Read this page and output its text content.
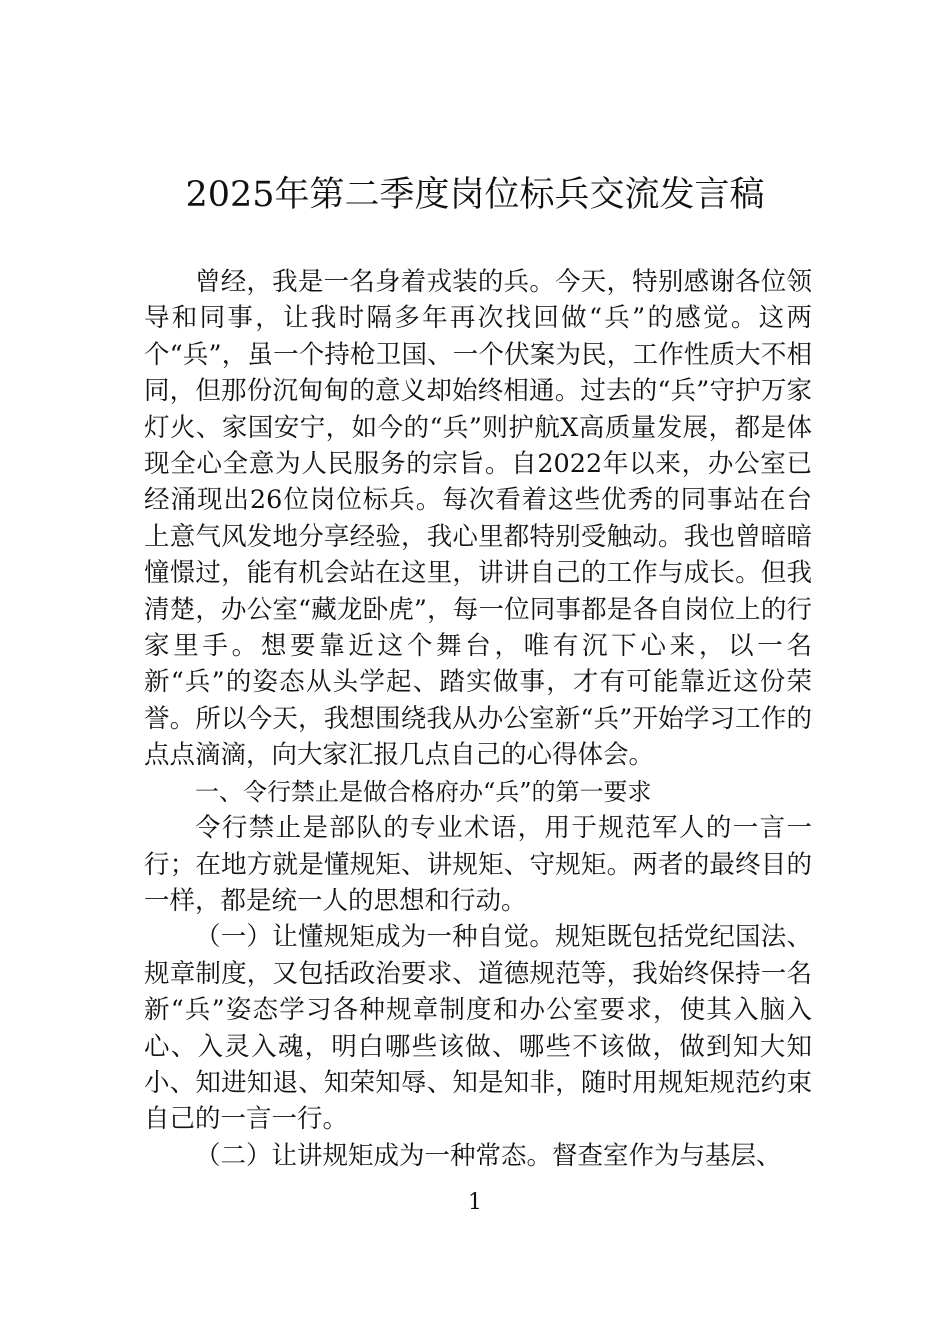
2025年第二季度岗位标兵交流发言稿

曾经，我是一名身着戎装的兵。今天，特别感谢各位领导和同事，让我时隔多年再次找回做“兵”的感觉。这两个“兵”，虽一个持枪卫国、一个伏案为民，工作性质大不相同，但那份沉甸甸的意义却始终相通。过去的“兵”守护万家灯火、家国安宁，如今的“兵”则护航X高质量发展，都是体现全心全意为人民服务的宗旨。自2022年以来，办公室已经涌现出26位岗位标兵。每次看着这些优秀的同事站在台上意气风发地分享经验，我心里都特别受触动。我也曾暗暗憧憬过，能有机会站在这里，讲讲自己的工作与成长。但我清楚，办公室“藏龙卧虎”，每一位同事都是各自岗位上的行家里手。想要靠近这个舞台，唯有沉下心来，以一名新“兵”的姿态从头学起、踏实做事，才有可能靠近这份荣誉。所以今天，我想围绕我从办公室新“兵”开始学习工作的点点滴滴，向大家汇报几点自己的心得体会。

一、令行禁止是做合格府办“兵”的第一要求

令行禁止是部队的专业术语，用于规范军人的一言一行；在地方就是懂规矩、讲规矩、守规矩。两者的最终目的一样，都是统一人的思想和行动。

（一）让懂规矩成为一种自觉。规矩既包括党纪国法、规章制度，又包括政治要求、道德规范等，我始终保持一名新“兵”姿态学习各种规章制度和办公室要求，使其入脑入心、入灵入魂，明白哪些该做、哪些不该做，做到知大知小、知进知退、知荣知辱、知是知非，随时用规矩规范约束自己的一言一行。

（二）让讲规矩成为一种常态。督查室作为与基层、

1
